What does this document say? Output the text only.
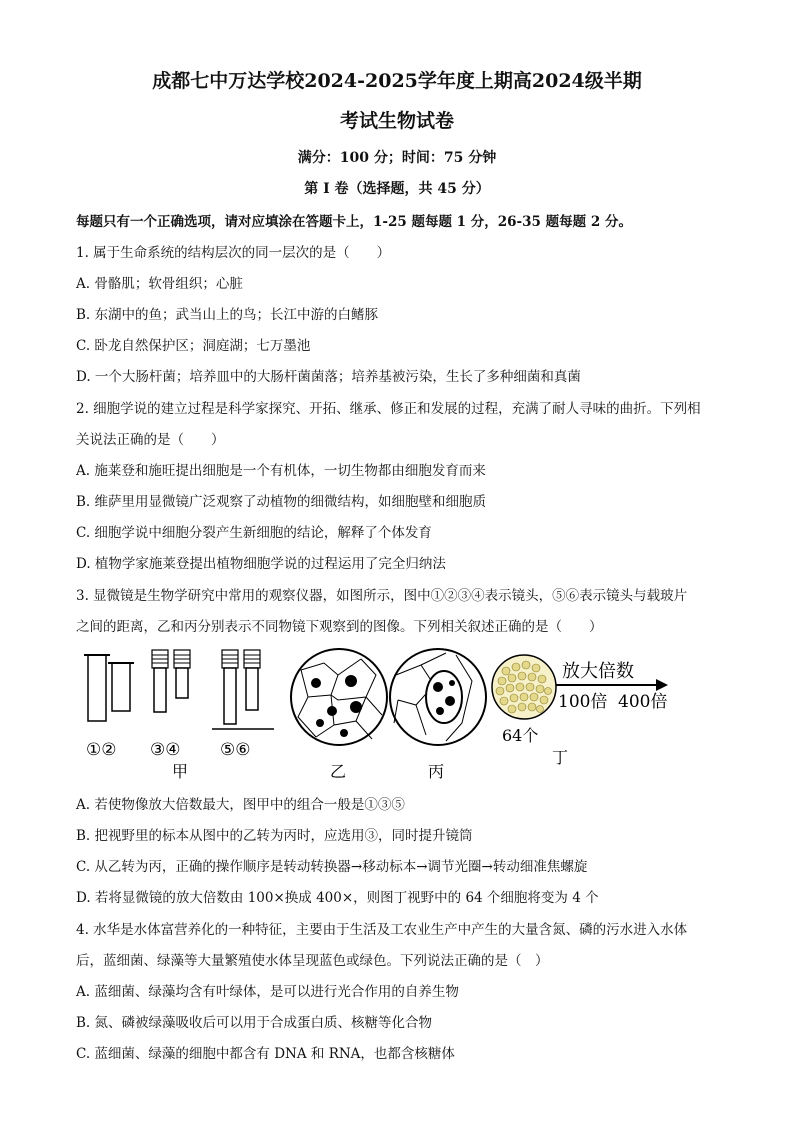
成都七中万达学校2024-2025学年度上期高2024级半期
考试生物试卷
满分：100 分；时间：75 分钟
第 I 卷（选择题，共 45 分）
每题只有一个正确选项，请对应填涂在答题卡上，1-25 题每题 1 分，26-35 题每题 2 分。
1. 属于生命系统的结构层次的同一层次的是（　　）
A. 骨骼肌；软骨组织；心脏
B. 东湖中的鱼；武当山上的鸟；长江中游的白鳍豚
C. 卧龙自然保护区；洞庭湖；七万墨池
D. 一个大肠杆菌；培养皿中的大肠杆菌菌落；培养基被污染，生长了多种细菌和真菌
2. 细胞学说的建立过程是科学家探究、开拓、继承、修正和发展的过程，充满了耐人寻味的曲折。下列相
关说法正确的是（　　）
A. 施莱登和施旺提出细胞是一个有机体，一切生物都由细胞发育而来
B. 维萨里用显微镜广泛观察了动植物的细微结构，如细胞壁和细胞质
C. 细胞学说中细胞分裂产生新细胞的结论，解释了个体发育
D. 植物学家施莱登提出植物细胞学说的过程运用了完全归纳法
3. 显微镜是生物学研究中常用的观察仪器，如图所示，图中①②③④表示镜头，⑤⑥表示镜头与载玻片
之间的距离，乙和丙分别表示不同物镜下观察到的图像。下列相关叙述正确的是（　　）
①② ③④ ⑤⑥
甲	乙	丙
64个
丁
放大倍数
100倍 400倍
A. 若使物像放大倍数最大，图甲中的组合一般是①③⑤
B. 把视野里的标本从图中的乙转为丙时，应选用③，同时提升镜筒
C. 从乙转为丙，正确的操作顺序是转动转换器→移动标本→调节光圈→转动细准焦螺旋
D. 若将显微镜的放大倍数由 100×换成 400×，则图丁视野中的 64 个细胞将变为 4 个
4. 水华是水体富营养化的一种特征，主要由于生活及工农业生产中产生的大量含氮、磷的污水进入水体
后，蓝细菌、绿藻等大量繁殖使水体呈现蓝色或绿色。下列说法正确的是（　）
A. 蓝细菌、绿藻均含有叶绿体，是可以进行光合作用的自养生物
B. 氮、磷被绿藻吸收后可以用于合成蛋白质、核糖等化合物
C. 蓝细菌、绿藻的细胞中都含有 DNA 和 RNA，也都含核糖体
